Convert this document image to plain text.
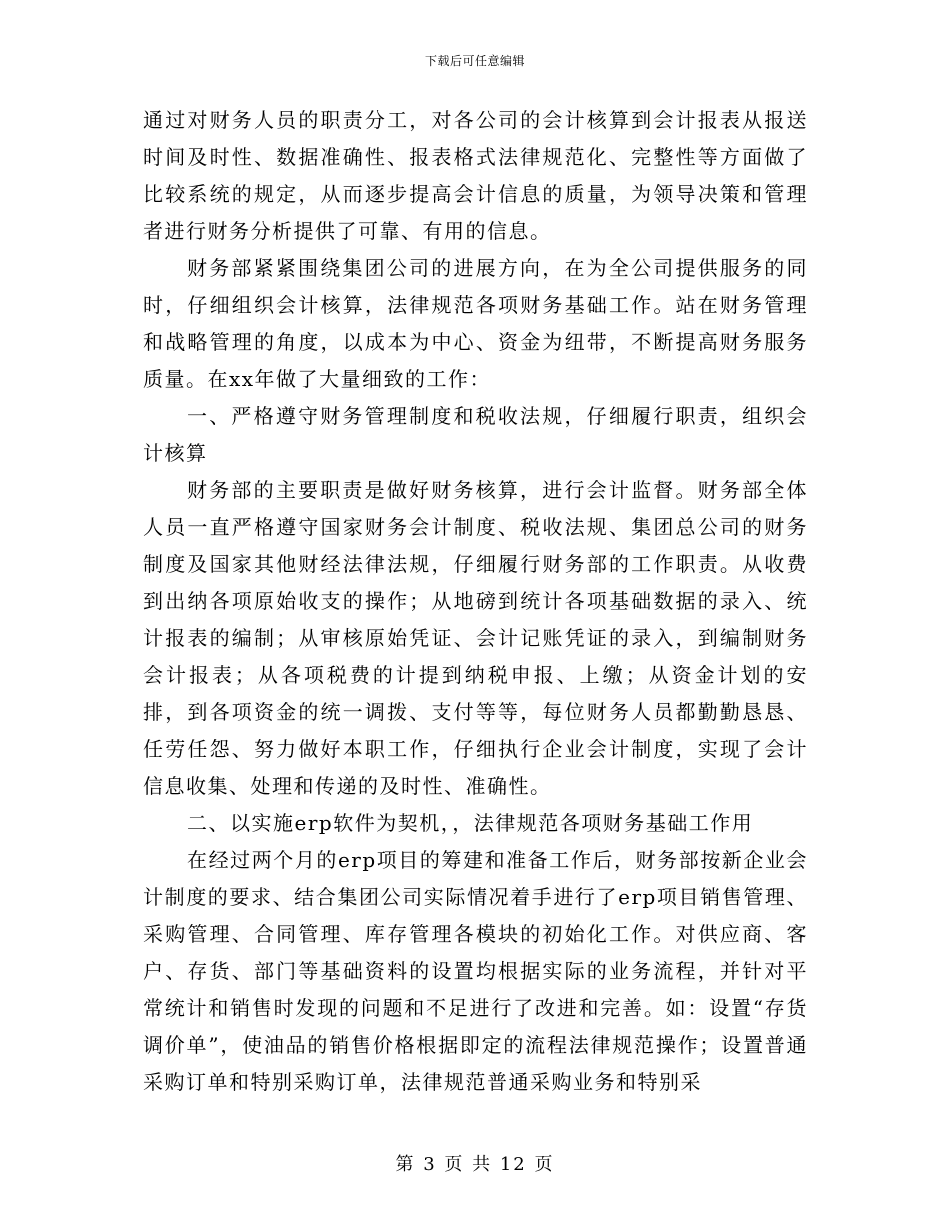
下载后可任意编辑

通过对财务人员的职责分工，对各公司的会计核算到会计报表从报送时间及时性、数据准确性、报表格式法律规范化、完整性等方面做了比较系统的规定，从而逐步提高会计信息的质量，为领导决策和管理者进行财务分析提供了可靠、有用的信息。

财务部紧紧围绕集团公司的进展方向，在为全公司提供服务的同时，仔细组织会计核算，法律规范各项财务基础工作。站在财务管理和战略管理的角度，以成本为中心、资金为纽带，不断提高财务服务质量。在xx年做了大量细致的工作：

一、严格遵守财务管理制度和税收法规，仔细履行职责，组织会计核算

财务部的主要职责是做好财务核算，进行会计监督。财务部全体人员一直严格遵守国家财务会计制度、税收法规、集团总公司的财务制度及国家其他财经法律法规，仔细履行财务部的工作职责。从收费到出纳各项原始收支的操作；从地磅到统计各项基础数据的录入、统计报表的编制；从审核原始凭证、会计记账凭证的录入，到编制财务会计报表；从各项税费的计提到纳税申报、上缴；从资金计划的安排，到各项资金的统一调拨、支付等等，每位财务人员都勤勤恳恳、任劳任怨、努力做好本职工作，仔细执行企业会计制度，实现了会计信息收集、处理和传递的及时性、准确性。

二、以实施erp软件为契机，，法律规范各项财务基础工作用

在经过两个月的erp项目的筹建和准备工作后，财务部按新企业会计制度的要求、结合集团公司实际情况着手进行了erp项目销售管理、采购管理、合同管理、库存管理各模块的初始化工作。对供应商、客户、存货、部门等基础资料的设置均根据实际的业务流程，并针对平常统计和销售时发现的问题和不足进行了改进和完善。如：设置“存货调价单”，使油品的销售价格根据即定的流程法律规范操作；设置普通采购订单和特别采购订单，法律规范普通采购业务和特别采

第 3 页 共 12 页
